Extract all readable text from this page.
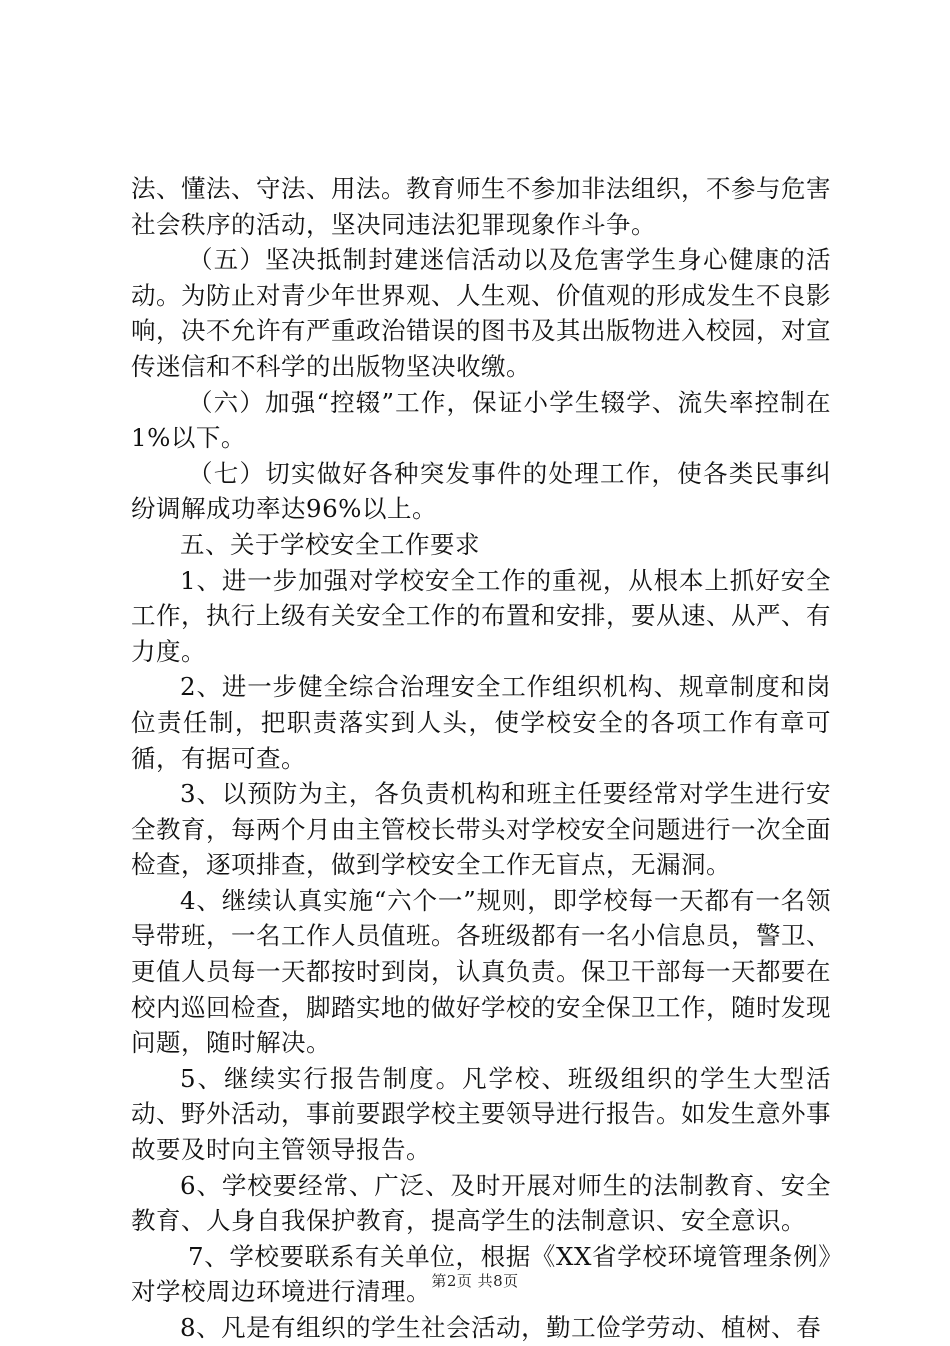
法、懂法、守法、用法。教育师生不参加非法组织，不参与危害社会秩序的活动，坚决同违法犯罪现象作斗争。

（五）坚决抵制封建迷信活动以及危害学生身心健康的活动。为防止对青少年世界观、人生观、价值观的形成发生不良影响，决不允许有严重政治错误的图书及其出版物进入校园，对宣传迷信和不科学的出版物坚决收缴。

（六）加强“控辍”工作，保证小学生辍学、流失率控制在1%以下。

（七）切实做好各种突发事件的处理工作，使各类民事纠纷调解成功率达96%以上。

五、关于学校安全工作要求

1、进一步加强对学校安全工作的重视，从根本上抓好安全工作，执行上级有关安全工作的布置和安排，要从速、从严、有力度。

2、进一步健全综合治理安全工作组织机构、规章制度和岗位责任制，把职责落实到人头，使学校安全的各项工作有章可循，有据可查。

3、以预防为主，各负责机构和班主任要经常对学生进行安全教育，每两个月由主管校长带头对学校安全问题进行一次全面检查，逐项排查，做到学校安全工作无盲点，无漏洞。

4、继续认真实施“六个一”规则，即学校每一天都有一名领导带班，一名工作人员值班。各班级都有一名小信息员，警卫、更值人员每一天都按时到岗，认真负责。保卫干部每一天都要在校内巡回检查，脚踏实地的做好学校的安全保卫工作，随时发现问题，随时解决。

5、继续实行报告制度。凡学校、班级组织的学生大型活动、野外活动，事前要跟学校主要领导进行报告。如发生意外事故要及时向主管领导报告。

6、学校要经常、广泛、及时开展对师生的法制教育、安全教育、人身自我保护教育，提高学生的法制意识、安全意识。

7、学校要联系有关单位，根据《XX省学校环境管理条例》对学校周边环境进行清理。

8、凡是有组织的学生社会活动，勤工俭学劳动、植树、春

第2页 共8页
